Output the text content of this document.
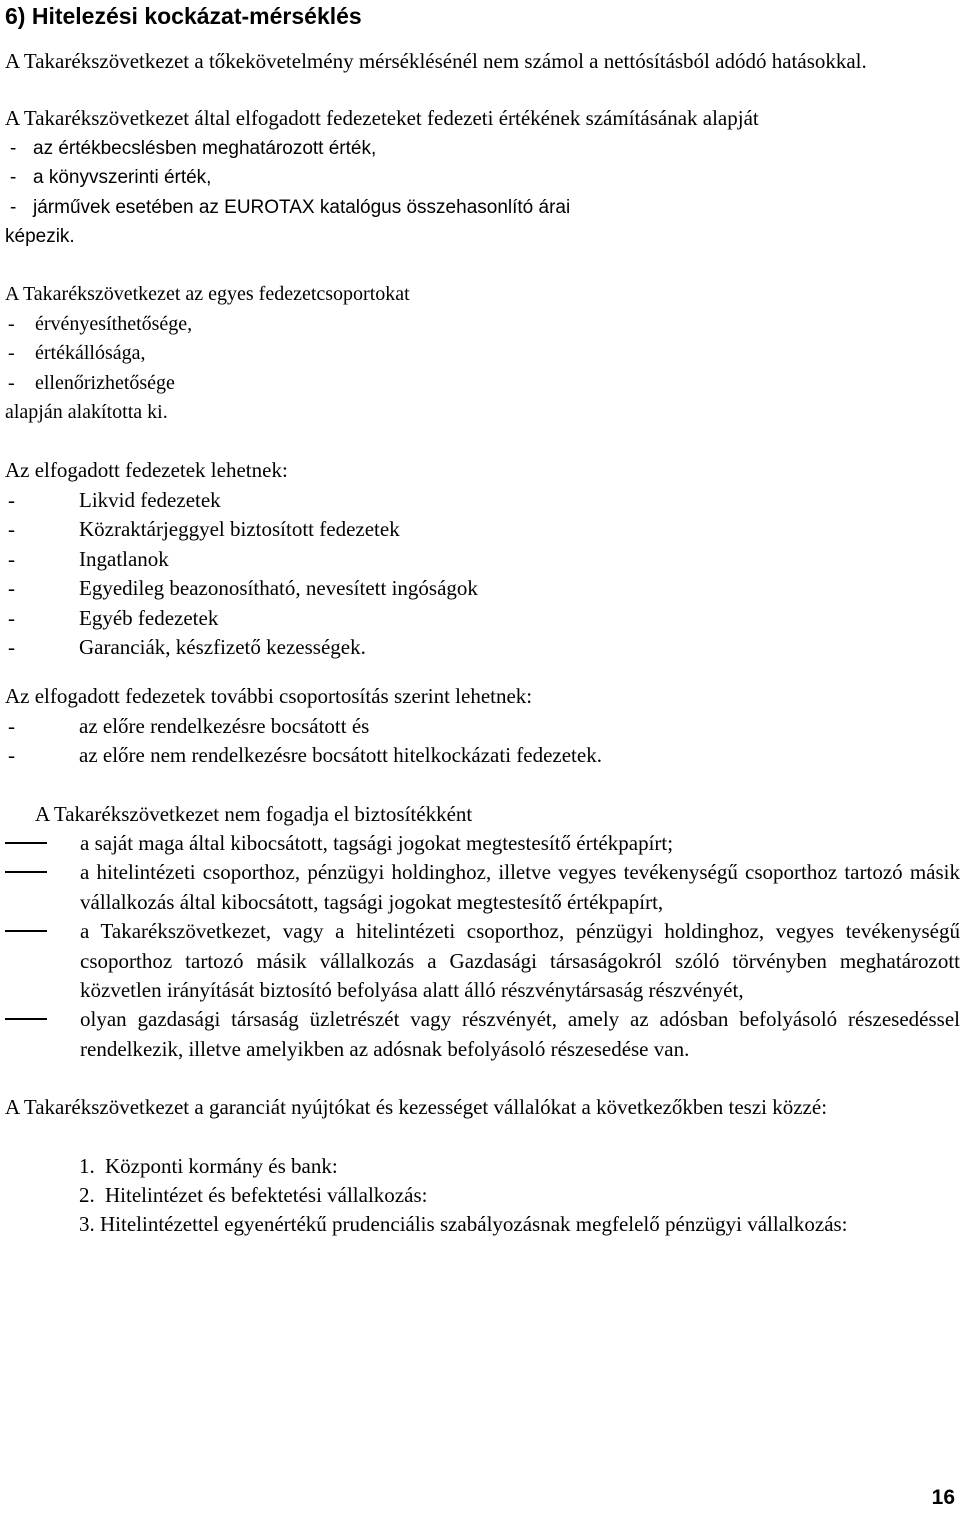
6) Hitelezési kockázat-mérséklés

A Takarékszövetkezet a tőkekövetelmény mérséklésénél nem számol a nettósításból adódó hatásokkal.

A Takarékszövetkezet által elfogadott fedezeteket fedezeti értékének számításának alapját

- az értékbecslésben meghatározott érték,
- a könyvszerinti érték,
- járművek esetében az EUROTAX katalógus összehasonlító árai

képezik.

A Takarékszövetkezet az egyes fedezetcsoportokat

- érvényesíthetősége,
- értékállósága,
- ellenőrizhetősége

alapján alakította ki.

Az elfogadott fedezetek lehetnek:

-	Likvid fedezetek
-	Közraktárjeggyel biztosított fedezetek
-	Ingatlanok
-	Egyedileg beazonosítható, nevesített ingóságok
-	Egyéb fedezetek
-	Garanciák, készfizető kezességek.

Az elfogadott fedezetek további csoportosítás szerint lehetnek:

-	az előre rendelkezésre bocsátott és
-	az előre nem rendelkezésre bocsátott hitelkockázati fedezetek.

A Takarékszövetkezet nem fogadja el biztosítékként

a saját maga által kibocsátott, tagsági jogokat megtestesítő értékpapírt;
a hitelintézeti csoporthoz, pénzügyi holdinghoz, illetve vegyes tevékenységű csoporthoz tartozó másik vállalkozás által kibocsátott, tagsági jogokat megtestesítő értékpapírt,
a Takarékszövetkezet, vagy a hitelintézeti csoporthoz, pénzügyi holdinghoz, vegyes tevékenységű csoporthoz tartozó másik vállalkozás a Gazdasági társaságokról szóló törvényben meghatározott közvetlen irányítását biztosító befolyása alatt álló részvénytársaság részvényét,
olyan gazdasági társaság üzletrészét vagy részvényét, amely az adósban befolyásoló részesedéssel rendelkezik, illetve amelyikben az adósnak befolyásoló részesedése van.

A Takarékszövetkezet a garanciát nyújtókat és kezességet vállalókat a következőkben teszi közzé:

1. Központi kormány és bank:
2. Hitelintézet és befektetési vállalkozás:
3. Hitelintézettel egyenértékű prudenciális szabályozásnak megfelelő pénzügyi vállalkozás:
16
